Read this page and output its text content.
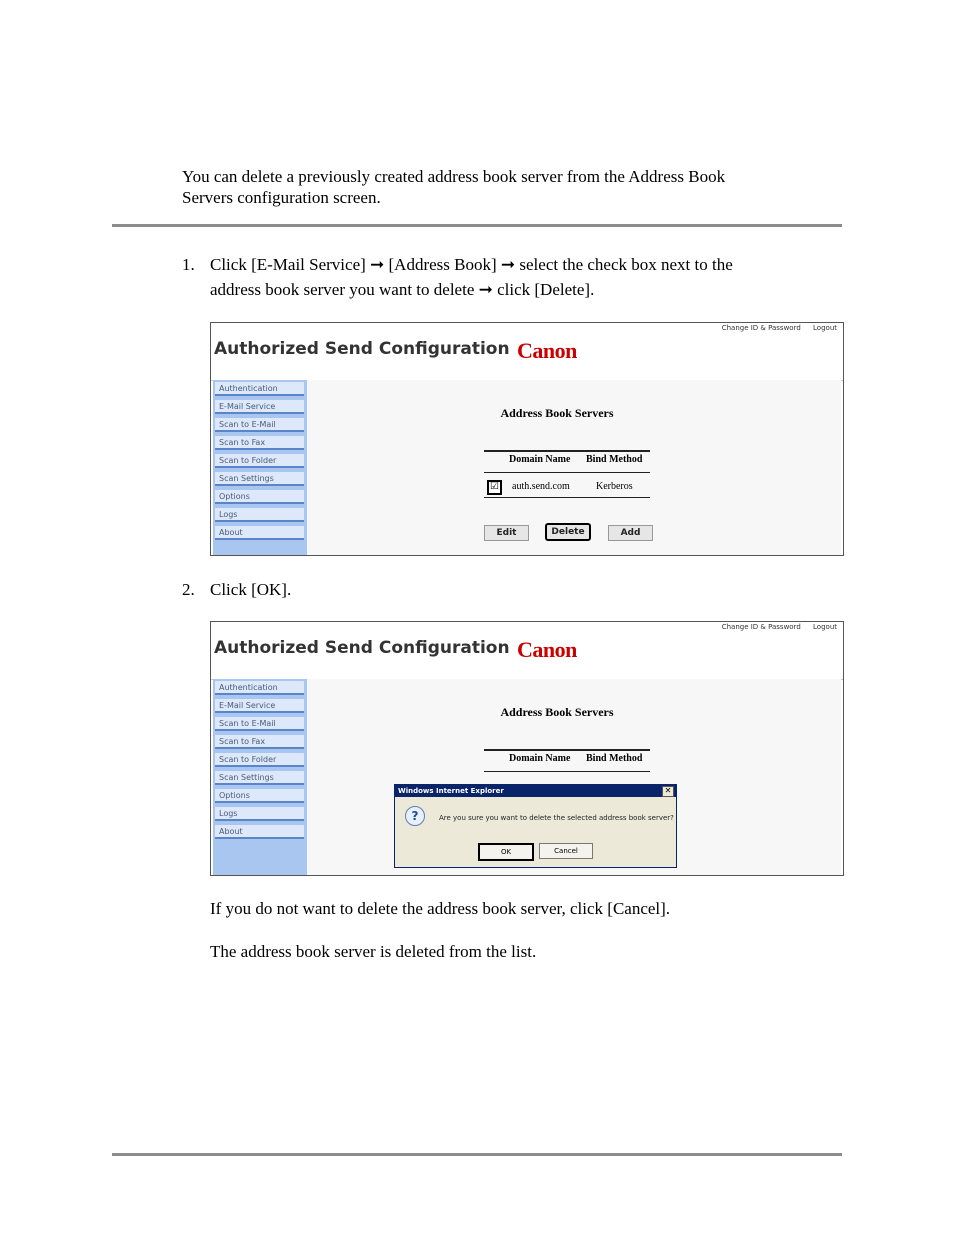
You can delete a previously created address book server from the Address Book
Servers configuration screen.
1. Click [E-Mail Service] ➞ [Address Book] ➞ select the check box next to the
address book server you want to delete ➞ click [Delete].
Authorized Send Configuration Canon
Change ID & Password Logout
Authentication
E-Mail Service
Scan to E-Mail
Scan to Fax
Scan to Folder
Scan Settings
Options
Logs
About
Address Book Servers
Domain Name Bind Method
☑	auth.send.com	Kerberos
Edit	Delete	Add
2. Click [OK].
Authorized Send Configuration Canon
Change ID & Password Logout
Authentication
E-Mail Service
Scan to E-Mail
Scan to Fax
Scan to Folder
Scan Settings
Options
Logs
About
Address Book Servers
Domain Name Bind Method
Windows Internet Explorer	✕
?	Are you sure you want to delete the selected address book server?
OK	Cancel
If you do not want to delete the address book server, click [Cancel].
The address book server is deleted from the list.
